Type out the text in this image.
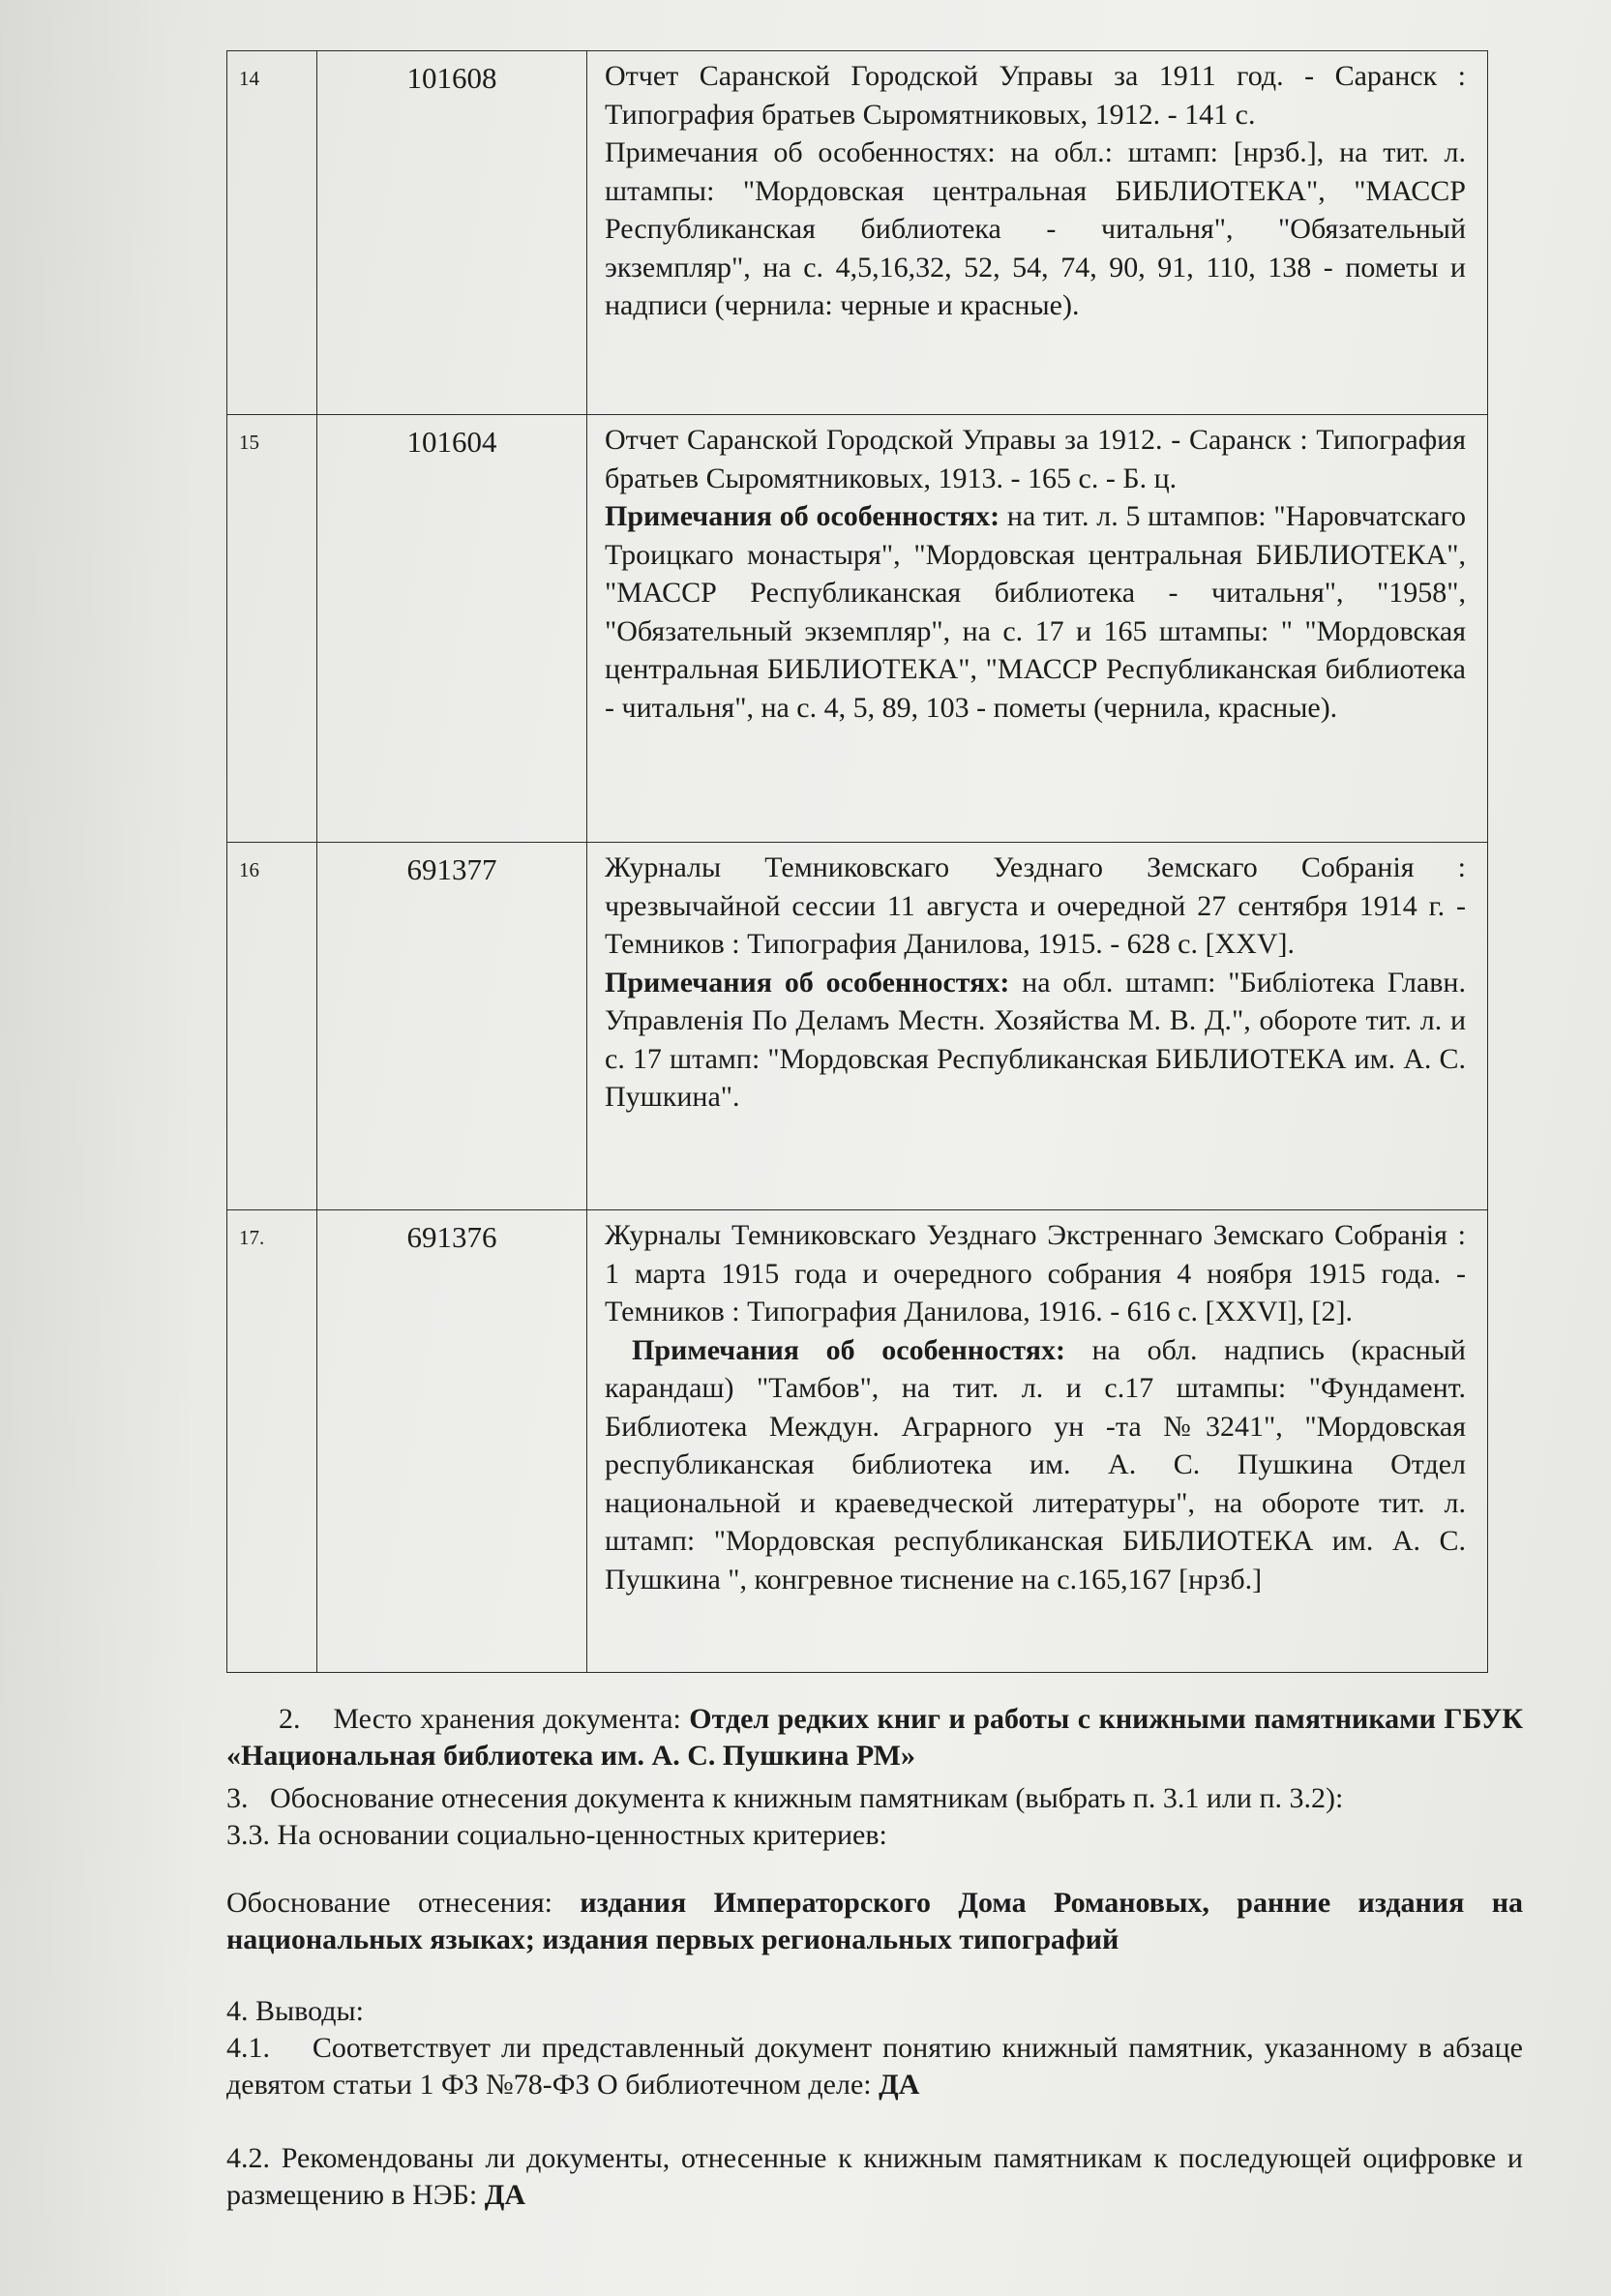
14	101608	Отчет Саранской Городской Управы за 1911 год. - Саранск : Типография братьев Сыромятниковых, 1912. - 141 с.

Примечания об особенностях: на обл.: штамп: [нрзб.], на тит. л. штампы: "Мордовская центральная БИБЛИОТЕКА", "МАССР Республиканская библиотека - читальня", "Обязательный экземпляр", на с. 4,5,16,32, 52, 54, 74, 90, 91, 110, 138 - пометы и надписи (чернила: черные и красные).

15	101604	Отчет Саранской Городской Управы за 1912. - Саранск : Типография братьев Сыромятниковых, 1913. - 165 с. - Б. ц.

Примечания об особенностях: на тит. л. 5 штампов: "Наровчатскаго Троицкаго монастыря", "Мордовская центральная БИБЛИОТЕКА", "МАССР Республиканская библиотека - читальня", "1958", "Обязательный экземпляр", на с. 17 и 165 штампы: " "Мордовская центральная БИБЛИОТЕКА", "МАССР Республиканская библиотека - читальня", на с. 4, 5, 89, 103 - пометы (чернила, красные).

16	691377	Журналы Темниковскаго Уезднаго Земскаго Собранія : чрезвычайной сессии 11 августа и очередной 27 сентября 1914 г. - Темников : Типография Данилова, 1915. - 628 с. [XXV].

Примечания об особенностях: на обл. штамп: "Библіотека Главн. Управленія По Деламъ Местн. Хозяйства М. В. Д.", обороте тит. л. и с. 17 штамп: "Мордовская Республиканская БИБЛИОТЕКА им. А. С. Пушкина".

17.	691376	Журналы Темниковскаго Уезднаго Экстреннаго Земскаго Собранія : 1 марта 1915 года и очередного собрания 4 ноября 1915 года. - Темников : Типография Данилова, 1916. - 616 с. [XXVI], [2].

Примечания об особенностях: на обл. надпись (красный карандаш) "Тамбов", на тит. л. и с.17 штампы: "Фундамент. Библиотека Междун. Аграрного ун -та №3241", "Мордовская республиканская библиотека им. А. С. Пушкина Отдел национальной и краеведческой литературы", на обороте тит. л. штамп: "Мордовская республиканская БИБЛИОТЕКА им. А. С. Пушкина ", конгревное тиснение на с.165,167 [нрзб.]

2.    Место хранения документа: Отдел редких книг и работы с книжными памятниками ГБУК «Национальная библиотека им. А. С. Пушкина РМ»

3.   Обоснование отнесения документа к книжным памятникам (выбрать п. 3.1 или п. 3.2):

3.3. На основании социально-ценностных критериев:

Обоснование отнесения: издания Императорского Дома Романовых, ранние издания на национальных языках; издания первых региональных типографий

4. Выводы:

4.1.    Соответствует ли представленный документ понятию книжный памятник, указанному в абзаце девятом статьи 1 ФЗ №78-ФЗ О библиотечном деле: ДА

4.2. Рекомендованы ли документы, отнесенные к книжным памятникам к последующей оцифровке и размещению в НЭБ: ДА
